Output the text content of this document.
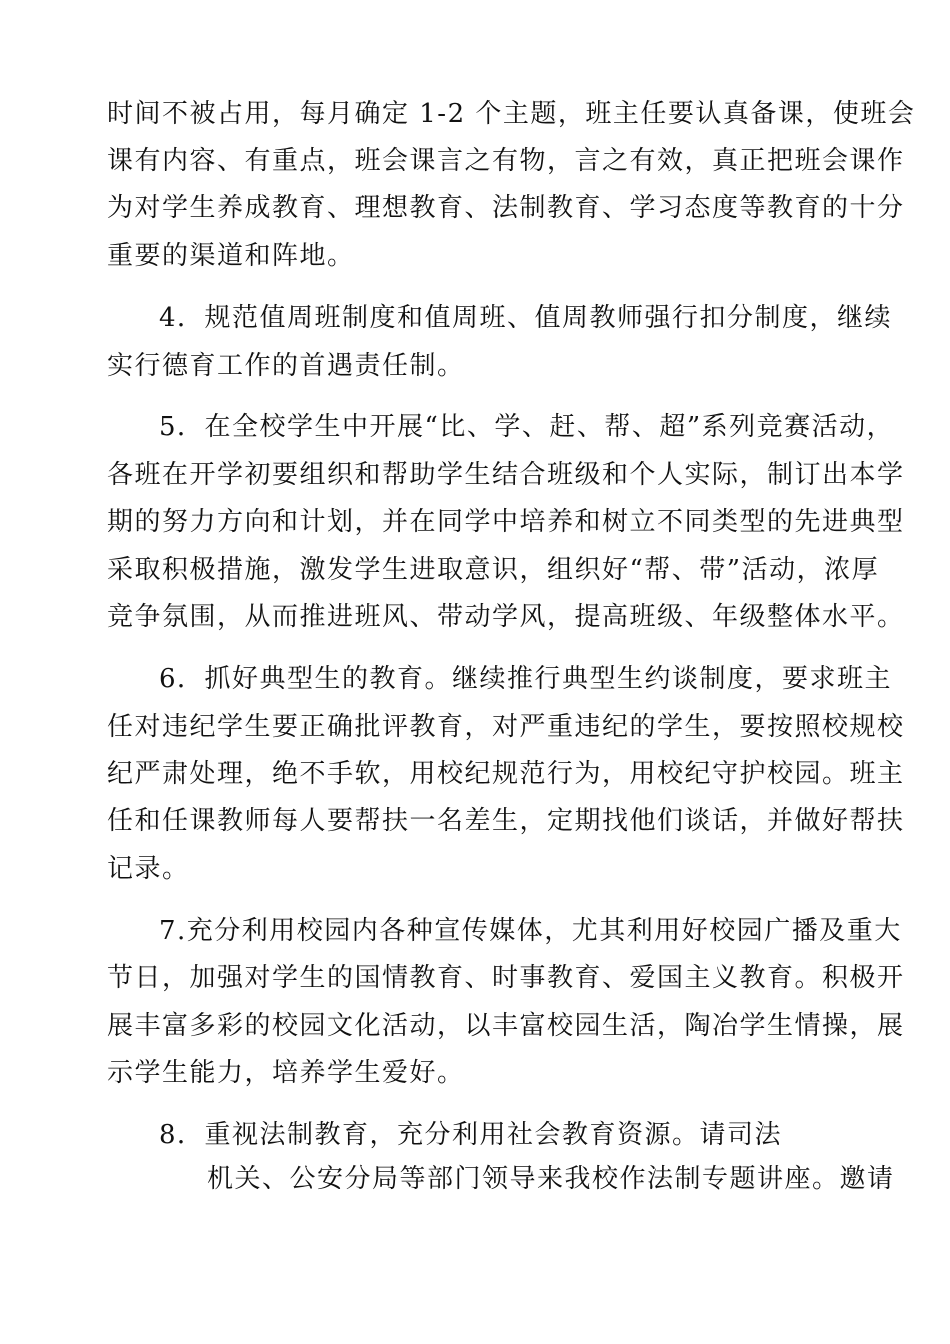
时间不被占用，每月确定 1-2 个主题，班主任要认真备课，使班会
课有内容、有重点，班会课言之有物，言之有效，真正把班会课作
为对学生养成教育、理想教育、法制教育、学习态度等教育的十分
重要的渠道和阵地。
4．规范值周班制度和值周班、值周教师强行扣分制度，继续
实行德育工作的首遇责任制。
5．在全校学生中开展“比、学、赶、帮、超”系列竞赛活动，
各班在开学初要组织和帮助学生结合班级和个人实际，制订出本学
期的努力方向和计划，并在同学中培养和树立不同类型的先进典型
采取积极措施，激发学生进取意识，组织好“帮、带”活动，浓厚
竞争氛围，从而推进班风、带动学风，提高班级、年级整体水平。
6．抓好典型生的教育。继续推行典型生约谈制度，要求班主
任对违纪学生要正确批评教育，对严重违纪的学生，要按照校规校
纪严肃处理，绝不手软，用校纪规范行为，用校纪守护校园。班主
任和任课教师每人要帮扶一名差生，定期找他们谈话，并做好帮扶
记录。
7.充分利用校园内各种宣传媒体，尤其利用好校园广播及重大
节日，加强对学生的国情教育、时事教育、爱国主义教育。积极开
展丰富多彩的校园文化活动，以丰富校园生活，陶冶学生情操，展
示学生能力，培养学生爱好。
8．重视法制教育，充分利用社会教育资源。请司法
机关、公安分局等部门领导来我校作法制专题讲座。邀请
